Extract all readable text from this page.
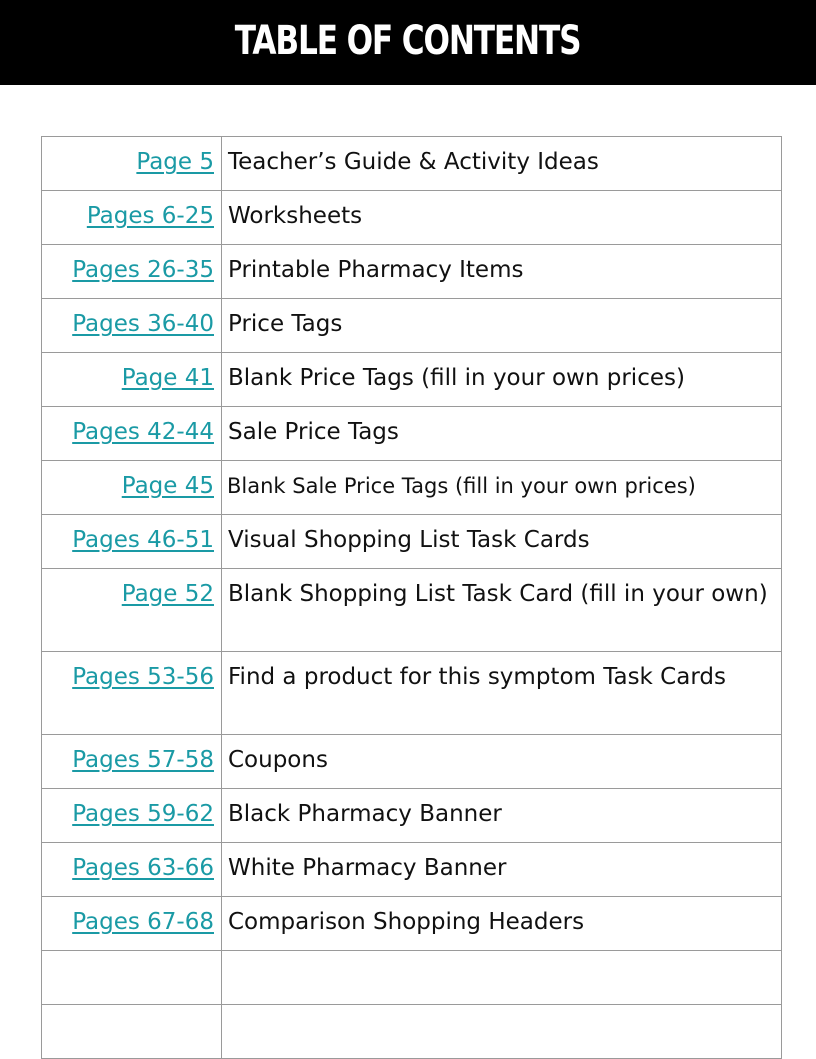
TABLE OF CONTENTS
Page 5	Teacher’s Guide & Activity Ideas
Pages 6-25	Worksheets
Pages 26-35	Printable Pharmacy Items
Pages 36-40	Price Tags
Page 41	Blank Price Tags (fill in your own prices)
Pages 42-44	Sale Price Tags
Page 45	Blank Sale Price Tags (fill in your own prices)
Pages 46-51	Visual Shopping List Task Cards
Page 52	Blank Shopping List Task Card (fill in your own)
Pages 53-56	Find a product for this symptom Task Cards
Pages 57-58	Coupons
Pages 59-62	Black Pharmacy Banner
Pages 63-66	White Pharmacy Banner
Pages 67-68	Comparison Shopping Headers
